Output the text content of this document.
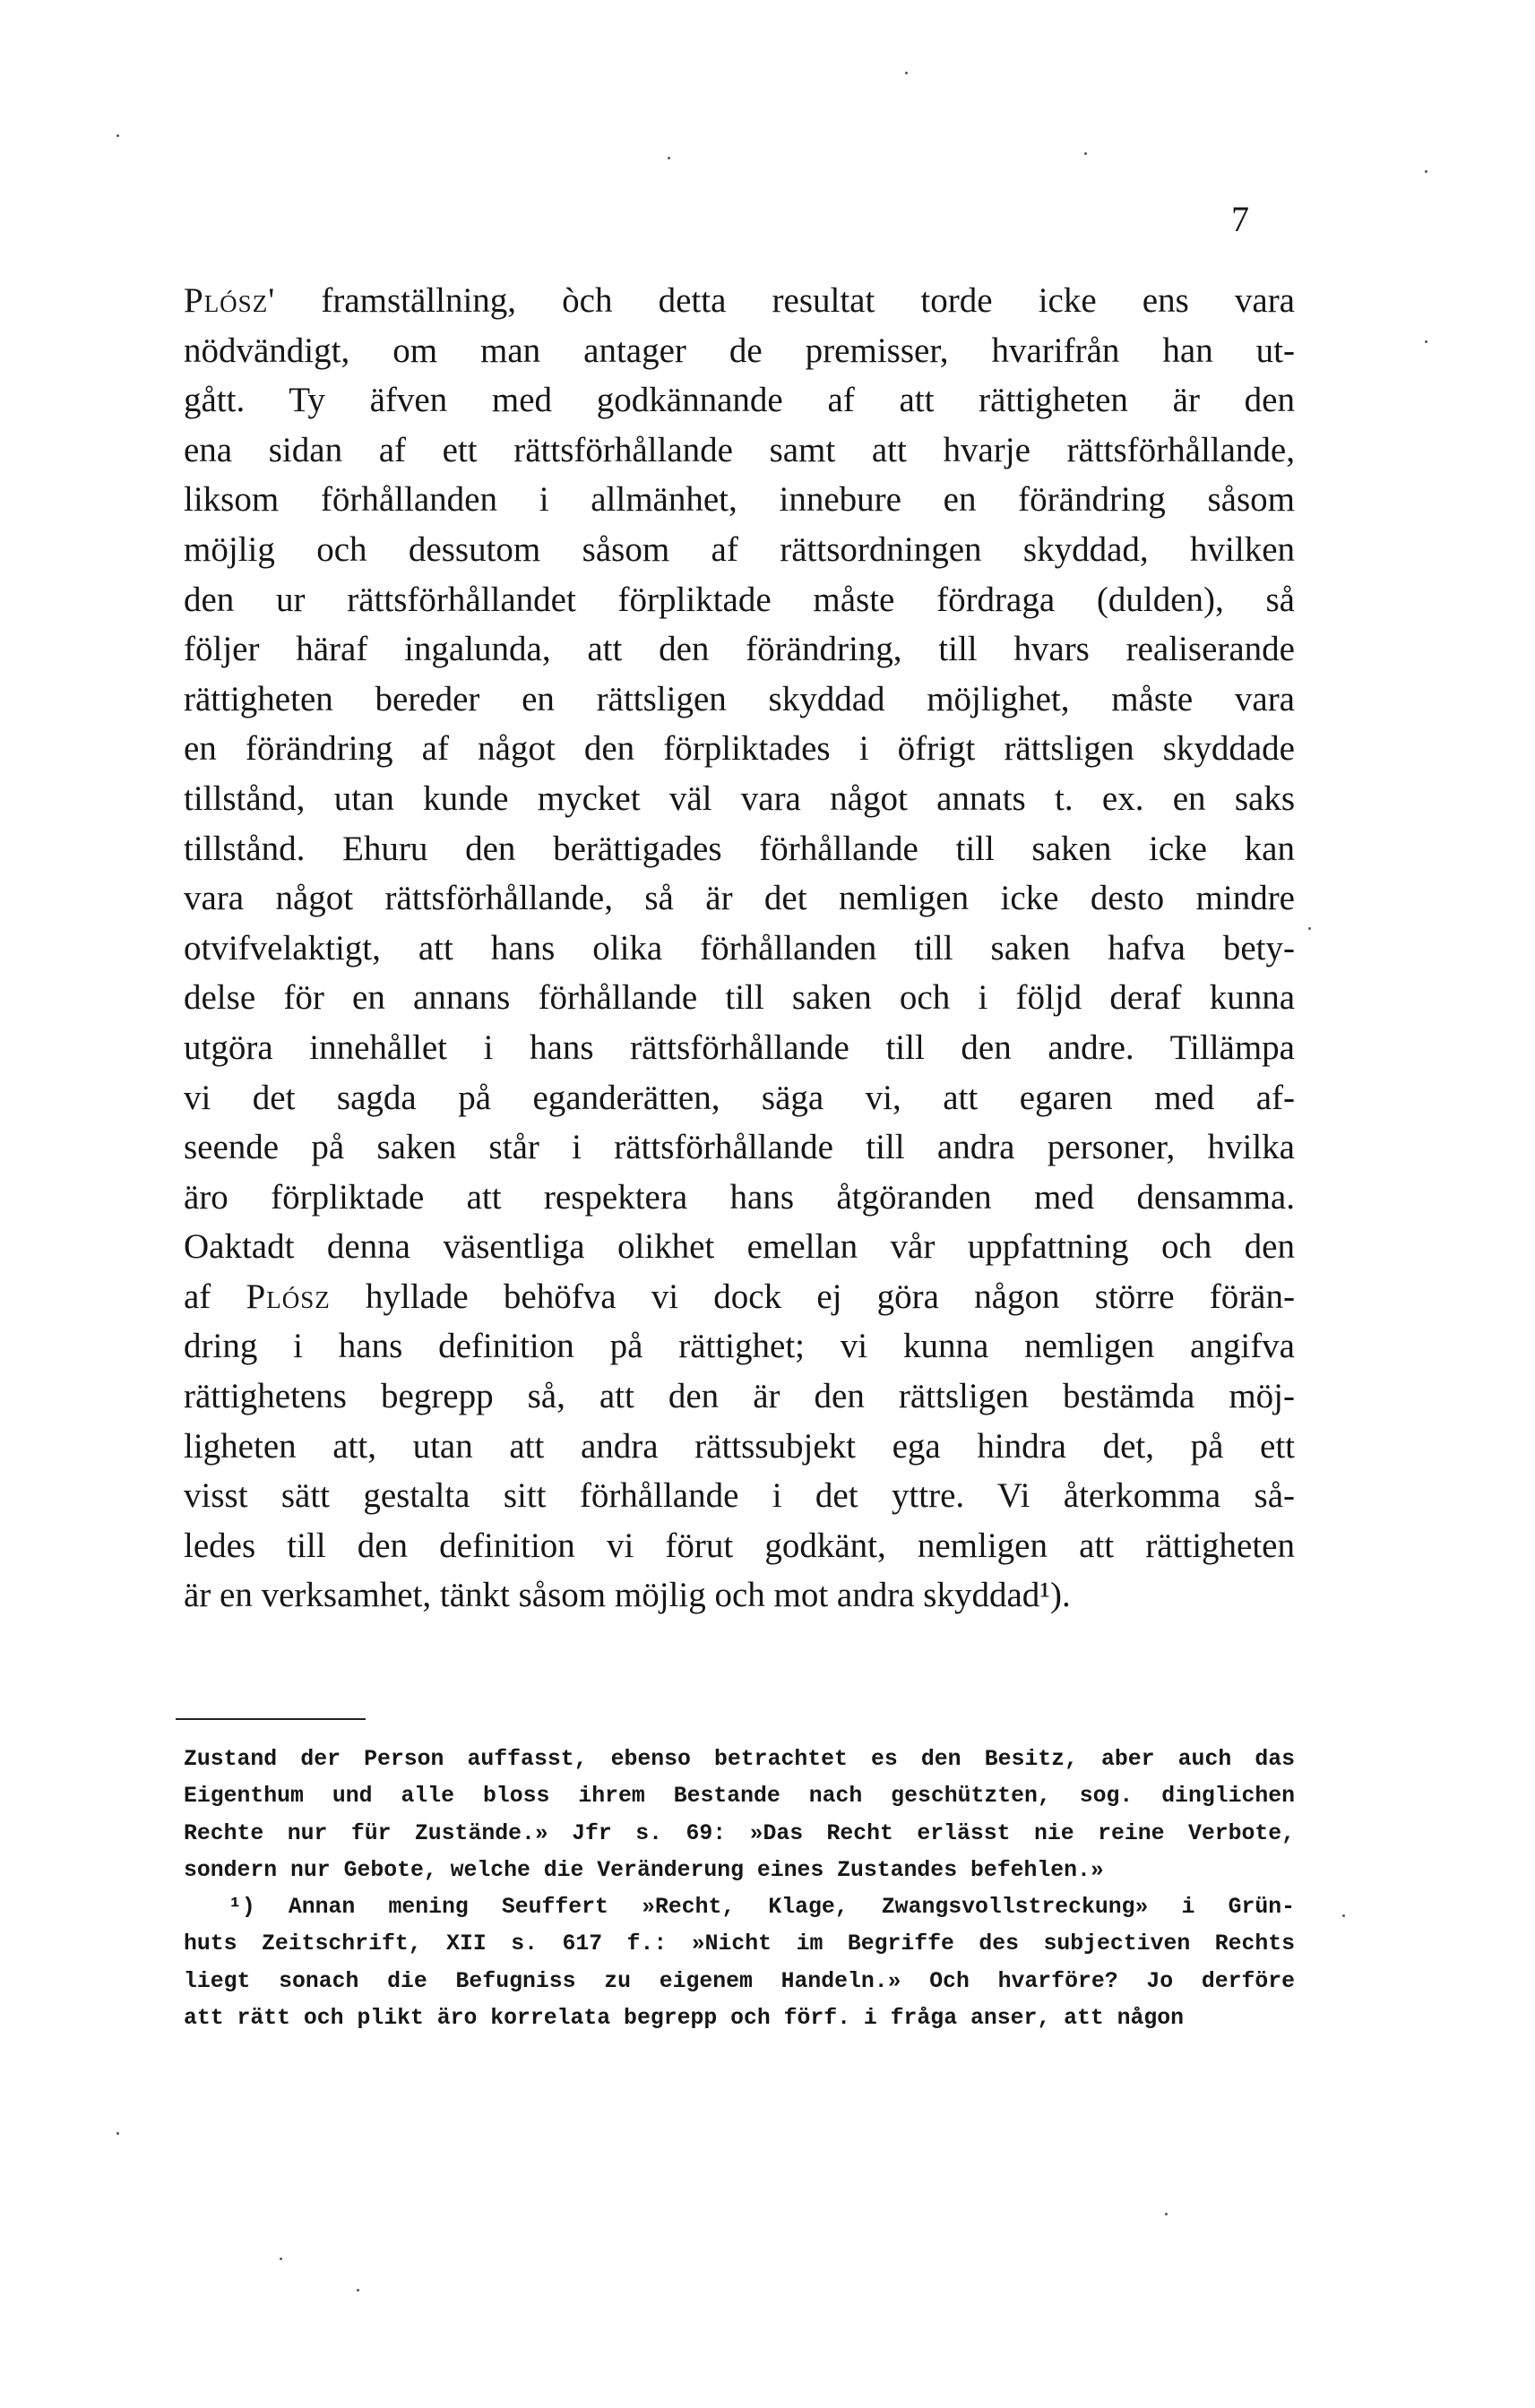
7
Plósz' framställning, òch detta resultat torde icke ens vara
nödvändigt, om man antager de premisser, hvarifrån han ut-
gått. Ty äfven med godkännande af att rättigheten är den
ena sidan af ett rättsförhållande samt att hvarje rättsförhållande,
liksom förhållanden i allmänhet, innebure en förändring såsom
möjlig och dessutom såsom af rättsordningen skyddad, hvilken
den ur rättsförhållandet förpliktade måste fördraga (dulden), så
följer häraf ingalunda, att den förändring, till hvars realiserande
rättigheten bereder en rättsligen skyddad möjlighet, måste vara
en förändring af något den förpliktades i öfrigt rättsligen skyddade
tillstånd, utan kunde mycket väl vara något annats t. ex. en saks
tillstånd. Ehuru den berättigades förhållande till saken icke kan
vara något rättsförhållande, så är det nemligen icke desto mindre
otvifvelaktigt, att hans olika förhållanden till saken hafva bety-
delse för en annans förhållande till saken och i följd deraf kunna
utgöra innehållet i hans rättsförhållande till den andre. Tillämpa
vi det sagda på eganderätten, säga vi, att egaren med af-
seende på saken står i rättsförhållande till andra personer, hvilka
äro förpliktade att respektera hans åtgöranden med densamma.
Oaktadt denna väsentliga olikhet emellan vår uppfattning och den
af Plósz hyllade behöfva vi dock ej göra någon större förän-
dring i hans definition på rättighet; vi kunna nemligen angifva
rättighetens begrepp så, att den är den rättsligen bestämda möj-
ligheten att, utan att andra rättssubjekt ega hindra det, på ett
visst sätt gestalta sitt förhållande i det yttre. Vi återkomma så-
ledes till den definition vi förut godkänt, nemligen att rättigheten
är en verksamhet, tänkt såsom möjlig och mot andra skyddad¹).
Zustand der Person auffasst, ebenso betrachtet es den Besitz, aber auch das
Eigenthum und alle bloss ihrem Bestande nach geschützten, sog. dinglichen
Rechte nur für Zustände.» Jfr s. 69: »Das Recht erlässt nie reine Verbote,
sondern nur Gebote, welche die Veränderung eines Zustandes befehlen.»
¹) Annan mening Seuffert »Recht, Klage, Zwangsvollstreckung» i Grün-
huts Zeitschrift, XII s. 617 f.: »Nicht im Begriffe des subjectiven Rechts
liegt sonach die Befugniss zu eigenem Handeln.» Och hvarföre? Jo derföre
att rätt och plikt äro korrelata begrepp och förf. i fråga anser, att någon
